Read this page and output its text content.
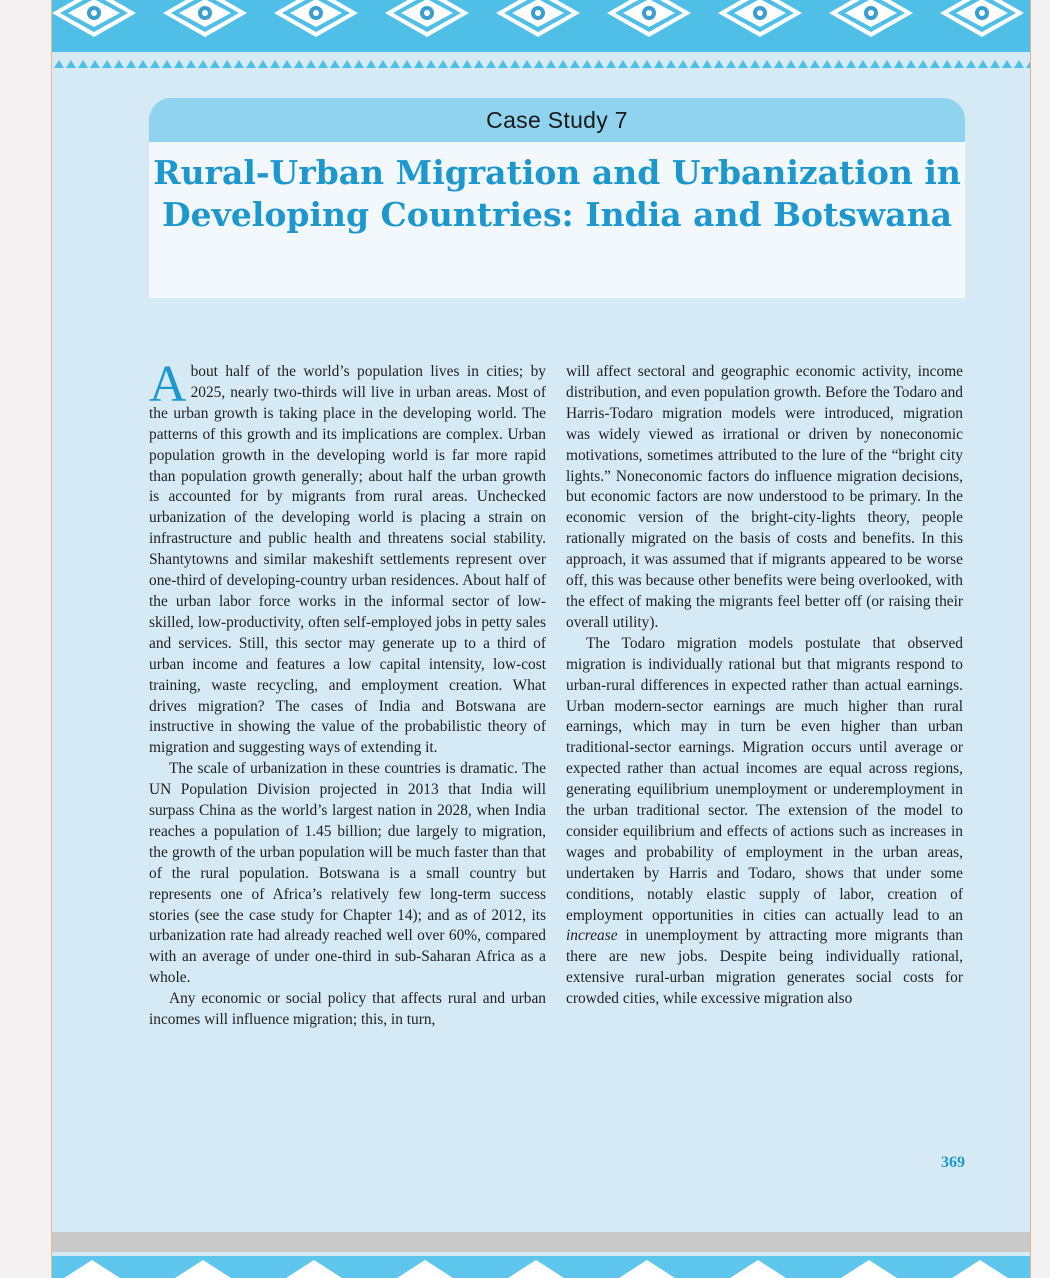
Case Study 7
Rural-Urban Migration and Urbanization in
Developing Countries: India and Botswana

About half of the world’s population lives in cities; by 2025, nearly two-thirds will live in urban areas. Most of the urban growth is taking place in the developing world. The patterns of this growth and its implications are complex. Urban population growth in the developing world is far more rapid than population growth generally; about half the urban growth is accounted for by migrants from rural areas. Unchecked urbanization of the developing world is placing a strain on infrastructure and public health and threatens social stability. Shantytowns and similar makeshift settlements represent over one-third of developing-country urban residences. About half of the urban labor force works in the informal sector of low-skilled, low-productivity, often self-employed jobs in petty sales and services. Still, this sector may generate up to a third of urban income and features a low capital intensity, low-cost training, waste recycling, and employment creation. What drives migration? The cases of India and Botswana are instructive in showing the value of the probabilistic theory of migration and suggesting ways of extending it.

The scale of urbanization in these countries is dramatic. The UN Population Division projected in 2013 that India will surpass China as the world’s largest nation in 2028, when India reaches a population of 1.45 billion; due largely to migration, the growth of the urban population will be much faster than that of the rural population. Botswana is a small country but represents one of Africa’s relatively few long-term success stories (see the case study for Chapter 14); and as of 2012, its urbanization rate had already reached well over 60%, compared with an average of under one-third in sub-Saharan Africa as a whole.

Any economic or social policy that affects rural and urban incomes will influence migration; this, in turn,

will affect sectoral and geographic economic activity, income distribution, and even population growth. Before the Todaro and Harris-Todaro migration models were introduced, migration was widely viewed as irrational or driven by noneconomic motivations, sometimes attributed to the lure of the “bright city lights.” Noneconomic factors do influence migration decisions, but economic factors are now understood to be primary. In the economic version of the bright-city-lights theory, people rationally migrated on the basis of costs and benefits. In this approach, it was assumed that if migrants appeared to be worse off, this was because other benefits were being overlooked, with the effect of making the migrants feel better off (or raising their overall utility).

The Todaro migration models postulate that observed migration is individually rational but that migrants respond to urban-rural differences in expected rather than actual earnings. Urban modern-sector earnings are much higher than rural earnings, which may in turn be even higher than urban traditional-sector earnings. Migration occurs until average or expected rather than actual incomes are equal across regions, generating equilibrium unemployment or underemployment in the urban traditional sector. The extension of the model to consider equilibrium and effects of actions such as increases in wages and probability of employment in the urban areas, undertaken by Harris and Todaro, shows that under some conditions, notably elastic supply of labor, creation of employment opportunities in cities can actually lead to an increase in unemployment by attracting more migrants than there are new jobs. Despite being individually rational, extensive rural-urban migration generates social costs for crowded cities, while excessive migration also

369
